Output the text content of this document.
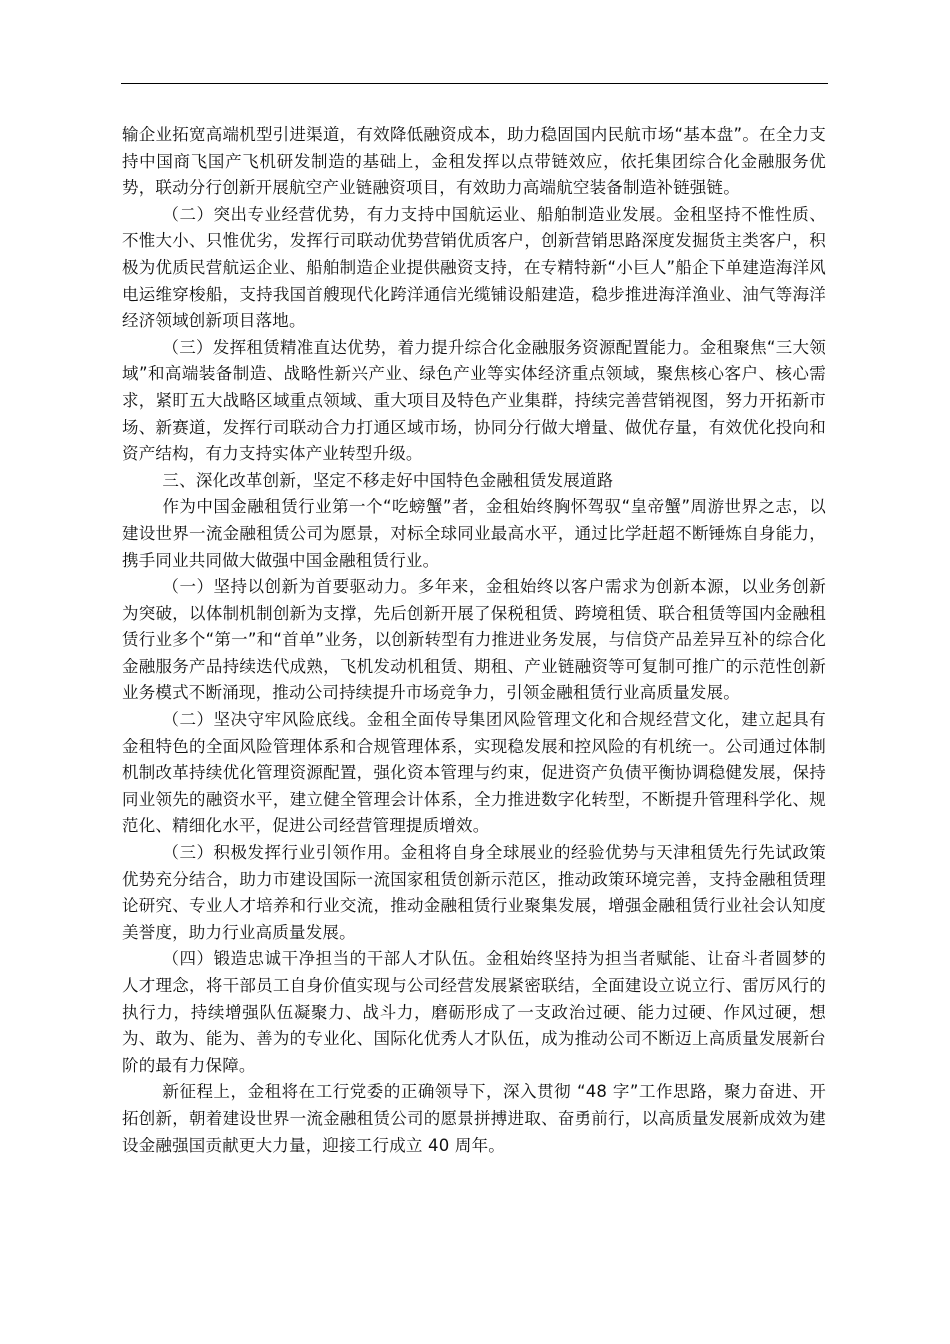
输企业拓宽高端机型引进渠道，有效降低融资成本，助力稳固国内民航市场“基本盘”。在全力支持中国商飞国产飞机研发制造的基础上，金租发挥以点带链效应，依托集团综合化金融服务优势，联动分行创新开展航空产业链融资项目，有效助力高端航空装备制造补链强链。

（二）突出专业经营优势，有力支持中国航运业、船舶制造业发展。金租坚持不惟性质、不惟大小、只惟优劣，发挥行司联动优势营销优质客户，创新营销思路深度发掘货主类客户，积极为优质民营航运企业、船舶制造企业提供融资支持，在专精特新“小巨人”船企下单建造海洋风电运维穿梭船，支持我国首艘现代化跨洋通信光缆铺设船建造，稳步推进海洋渔业、油气等海洋经济领域创新项目落地。

（三）发挥租赁精准直达优势，着力提升综合化金融服务资源配置能力。金租聚焦“三大领域”和高端装备制造、战略性新兴产业、绿色产业等实体经济重点领域，聚焦核心客户、核心需求，紧盯五大战略区域重点领域、重大项目及特色产业集群，持续完善营销视图，努力开拓新市场、新赛道，发挥行司联动合力打通区域市场，协同分行做大增量、做优存量，有效优化投向和资产结构，有力支持实体产业转型升级。

三、深化改革创新，坚定不移走好中国特色金融租赁发展道路

作为中国金融租赁行业第一个“吃螃蟹”者，金租始终胸怀驾驭“皇帝蟹”周游世界之志，以建设世界一流金融租赁公司为愿景，对标全球同业最高水平，通过比学赶超不断锤炼自身能力，携手同业共同做大做强中国金融租赁行业。

（一）坚持以创新为首要驱动力。多年来，金租始终以客户需求为创新本源，以业务创新为突破，以体制机制创新为支撑，先后创新开展了保税租赁、跨境租赁、联合租赁等国内金融租赁行业多个“第一”和“首单”业务，以创新转型有力推进业务发展，与信贷产品差异互补的综合化金融服务产品持续迭代成熟，飞机发动机租赁、期租、产业链融资等可复制可推广的示范性创新业务模式不断涌现，推动公司持续提升市场竞争力，引领金融租赁行业高质量发展。

（二）坚决守牢风险底线。金租全面传导集团风险管理文化和合规经营文化，建立起具有金租特色的全面风险管理体系和合规管理体系，实现稳发展和控风险的有机统一。公司通过体制机制改革持续优化管理资源配置，强化资本管理与约束，促进资产负债平衡协调稳健发展，保持同业领先的融资水平，建立健全管理会计体系，全力推进数字化转型，不断提升管理科学化、规范化、精细化水平，促进公司经营管理提质增效。

（三）积极发挥行业引领作用。金租将自身全球展业的经验优势与天津租赁先行先试政策优势充分结合，助力市建设国际一流国家租赁创新示范区，推动政策环境完善，支持金融租赁理论研究、专业人才培养和行业交流，推动金融租赁行业聚集发展，增强金融租赁行业社会认知度美誉度，助力行业高质量发展。

（四）锻造忠诚干净担当的干部人才队伍。金租始终坚持为担当者赋能、让奋斗者圆梦的人才理念，将干部员工自身价值实现与公司经营发展紧密联结，全面建设立说立行、雷厉风行的执行力，持续增强队伍凝聚力、战斗力，磨砺形成了一支政治过硬、能力过硬、作风过硬，想为、敢为、能为、善为的专业化、国际化优秀人才队伍，成为推动公司不断迈上高质量发展新台阶的最有力保障。

新征程上，金租将在工行党委的正确领导下，深入贯彻 “48 字”工作思路，聚力奋进、开拓创新，朝着建设世界一流金融租赁公司的愿景拼搏进取、奋勇前行，以高质量发展新成效为建设金融强国贡献更大力量，迎接工行成立 40 周年。
